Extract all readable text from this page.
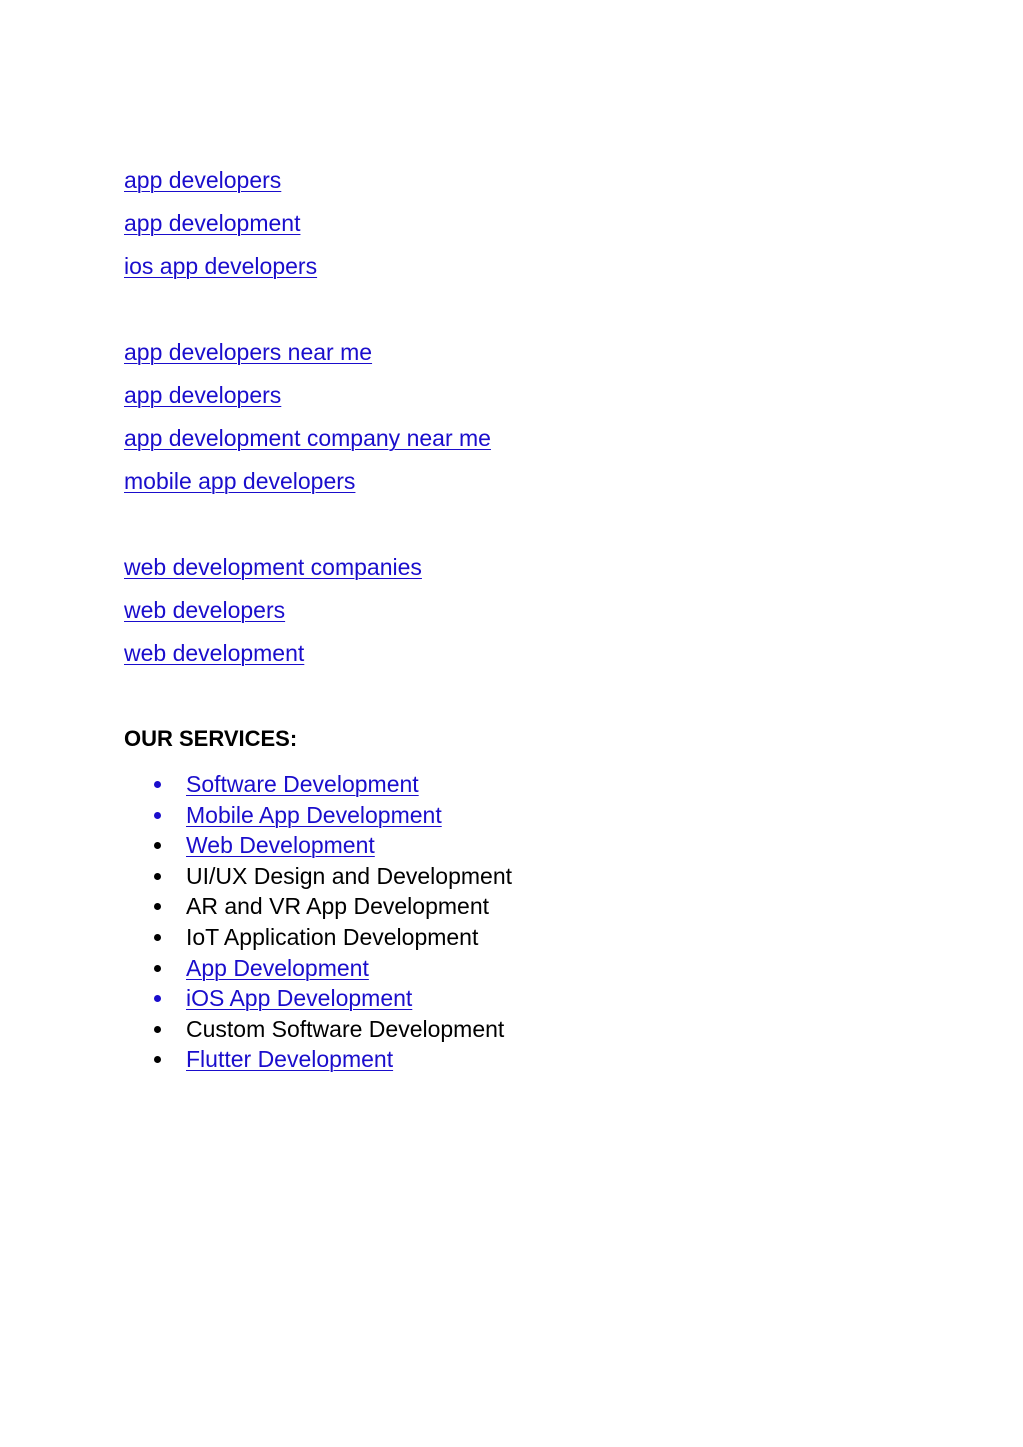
app developers
app development
ios app developers
app developers near me
app developers
app development company near me
mobile app developers
web development companies
web developers
web development
OUR SERVICES:
Software Development
Mobile App Development
Web Development
UI/UX Design and Development
AR and VR App Development
IoT Application Development
App Development
iOS App Development
Custom Software Development
Flutter Development
